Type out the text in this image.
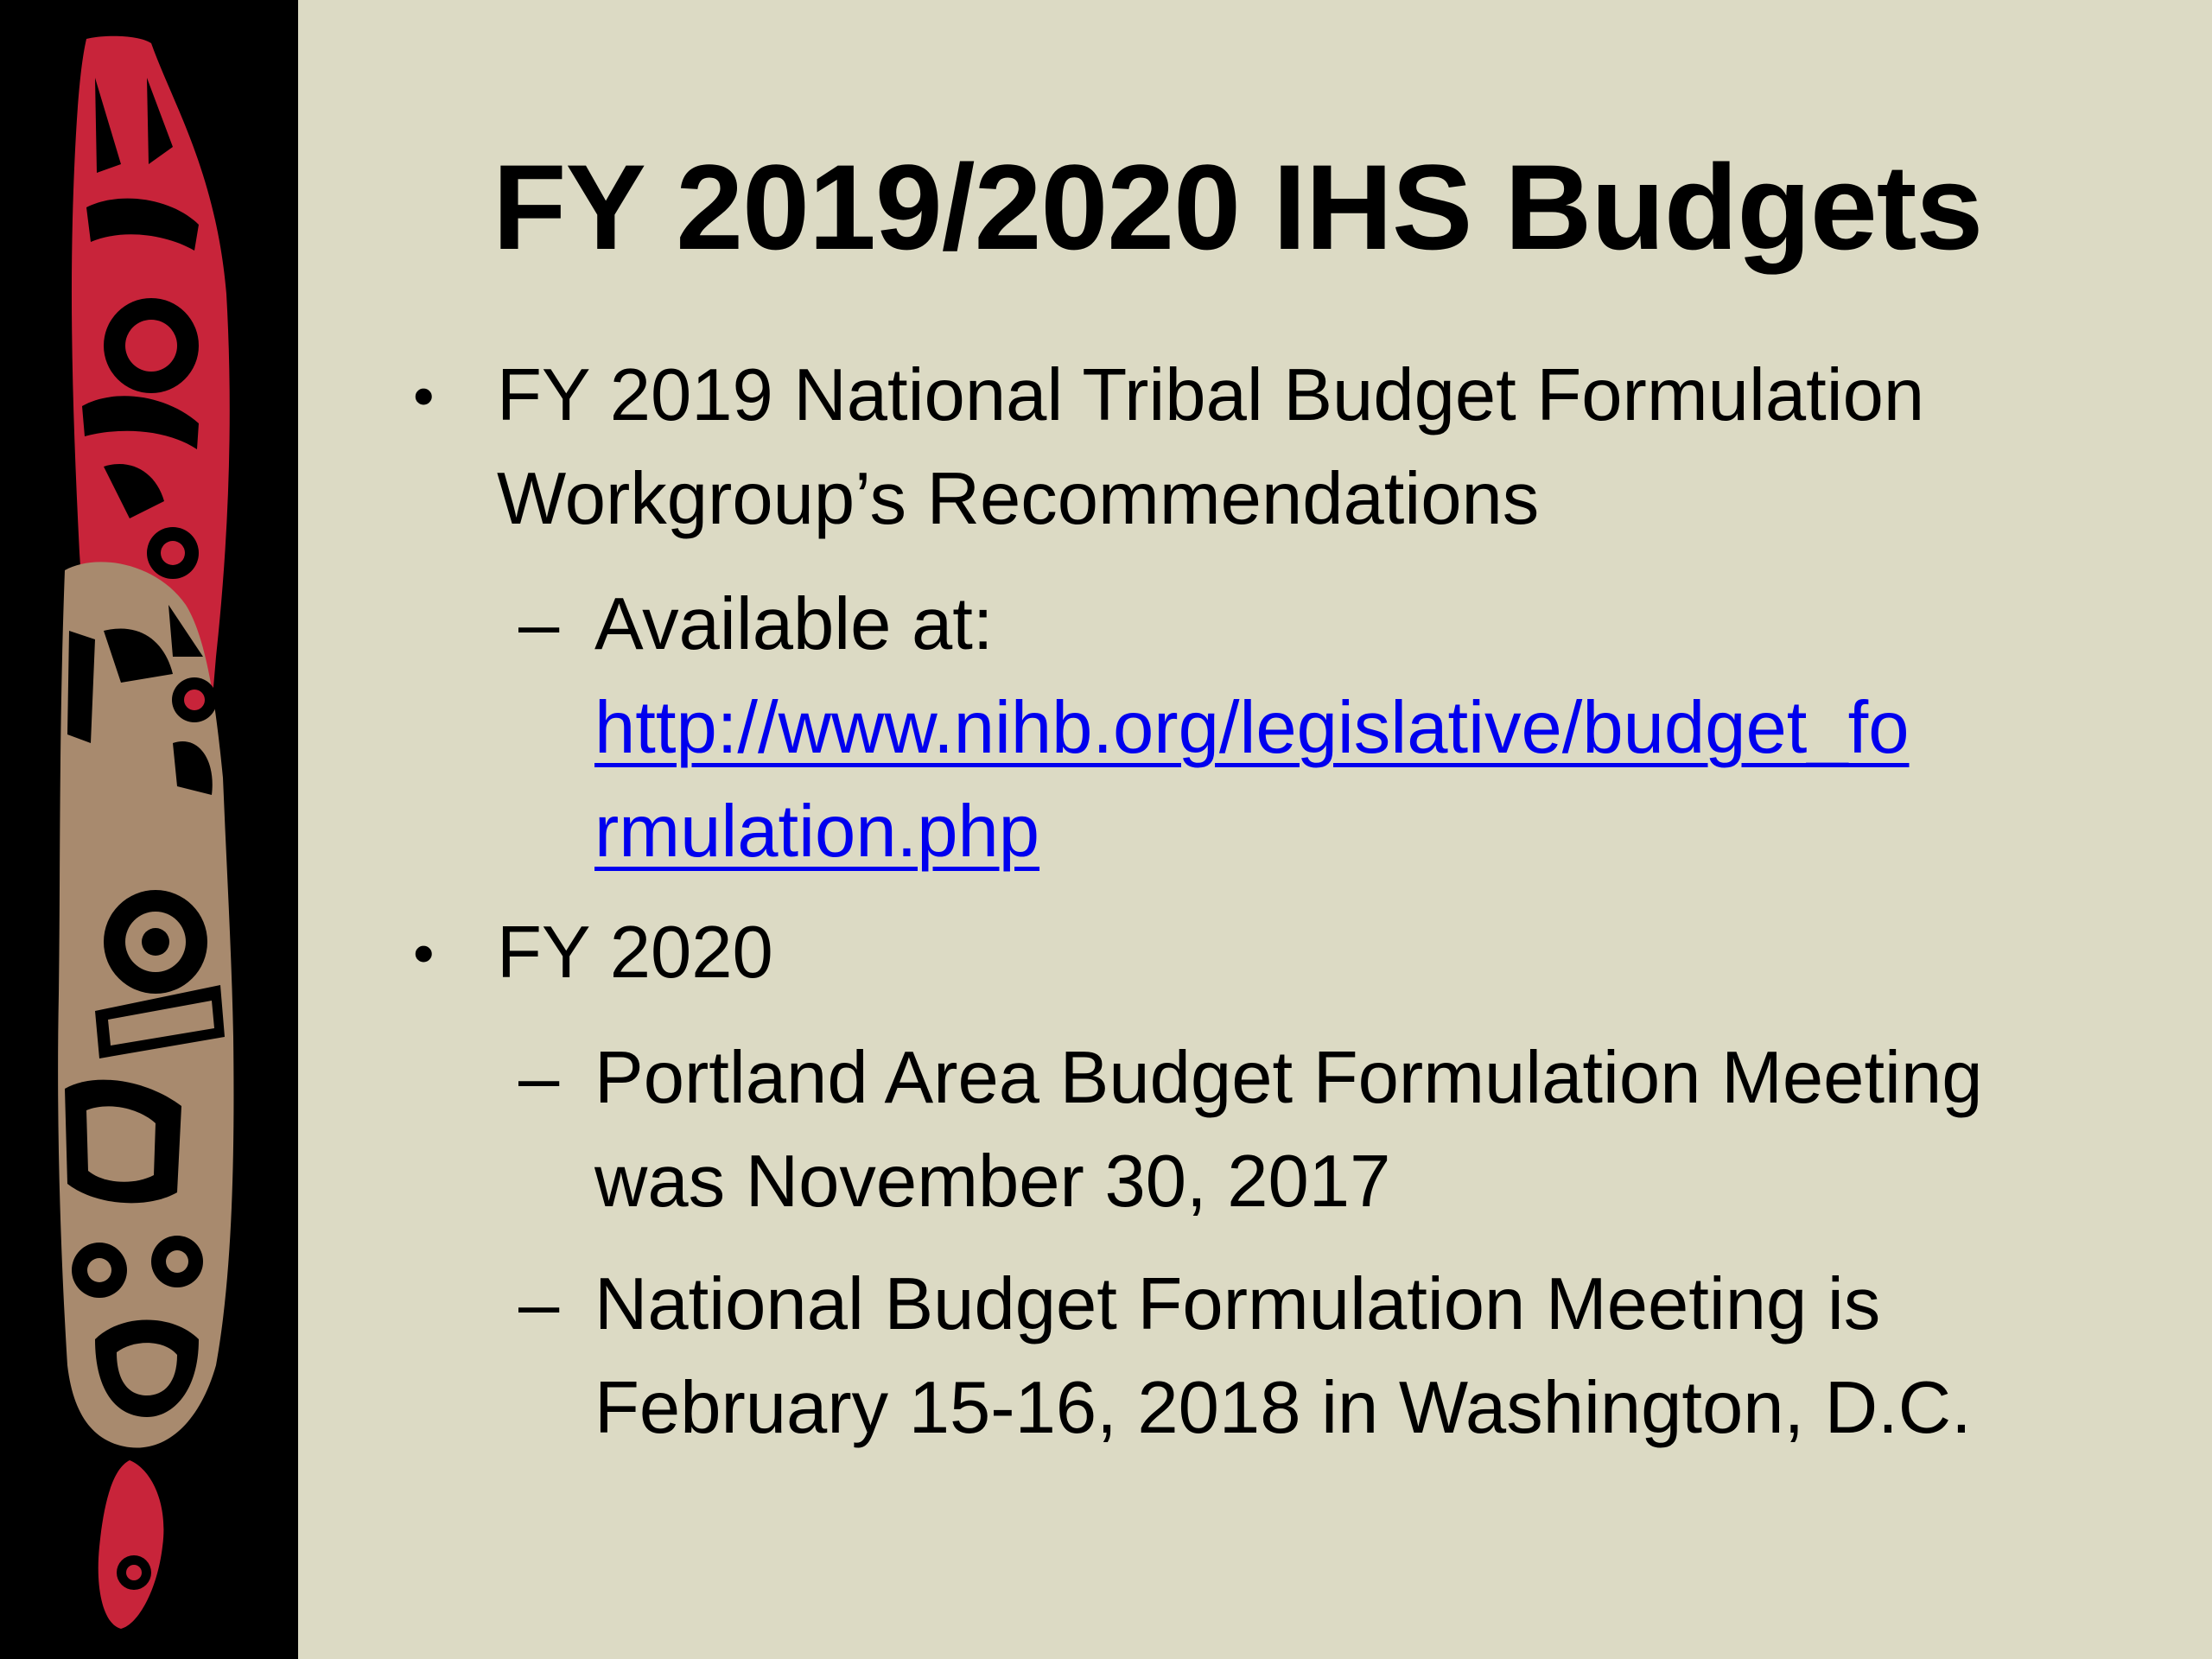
FY 2019/2020 IHS Budgets
• FY 2019 National Tribal Budget Formulation
Workgroup’s Recommendations

– Available at:
http://www.nihb.org/legislative/budget_fo
rmulation.php

• FY 2020

– Portland Area Budget Formulation Meeting
was November 30, 2017

– National Budget Formulation Meeting is
February 15-16, 2018 in Washington, D.C.
